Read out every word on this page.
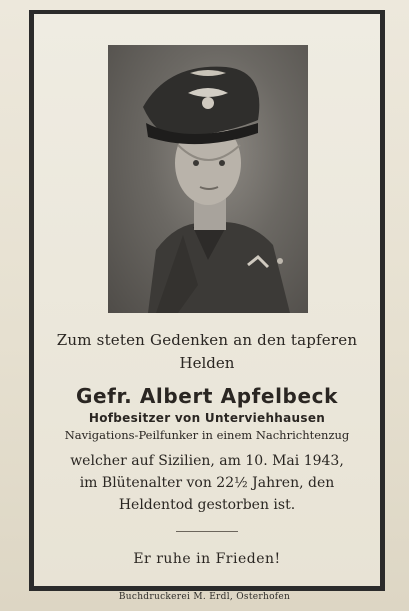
Zum steten Gedenken an den tapferen
Helden
Gefr. Albert Apfelbeck
Hofbesitzer von Unterviehhausen
Navigations-Peilfunker in einem Nachrichtenzug
welcher auf Sizilien, am 10. Mai 1943,
im Blütenalter von 22½ Jahren, den
Heldentod gestorben ist.
Er ruhe in Frieden!
Buchdruckerei M. Erdl, Osterhofen
